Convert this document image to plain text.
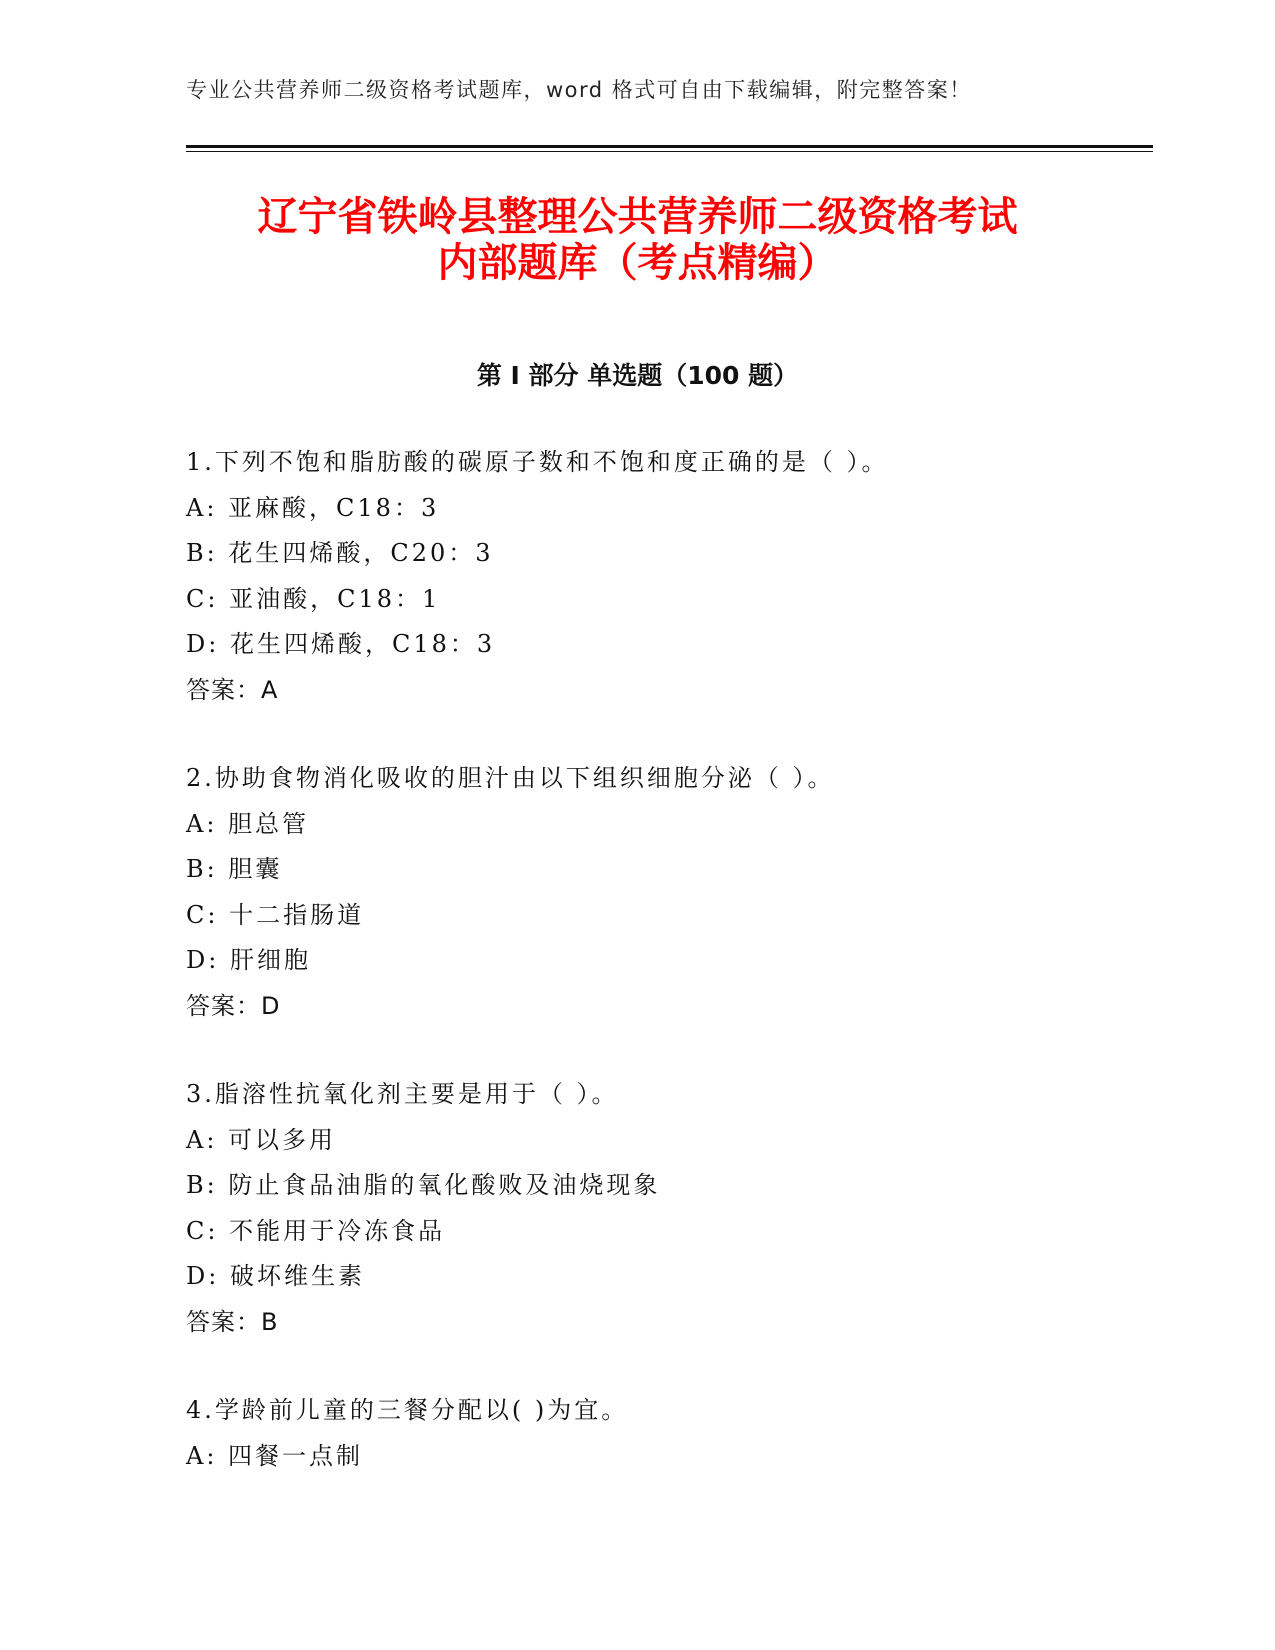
专业公共营养师二级资格考试题库，word 格式可自由下载编辑，附完整答案！
辽宁省铁岭县整理公共营养师二级资格考试
内部题库（考点精编）
第 I 部分 单选题（100 题）
1.下列不饱和脂肪酸的碳原子数和不饱和度正确的是（ ）。
A: 亚麻酸，C18：3
B: 花生四烯酸，C20：3
C: 亚油酸，C18：1
D: 花生四烯酸，C18：3
答案：A
2.协助食物消化吸收的胆汁由以下组织细胞分泌（ ）。
A: 胆总管
B: 胆囊
C: 十二指肠道
D: 肝细胞
答案：D
3.脂溶性抗氧化剂主要是用于（ ）。
A: 可以多用
B: 防止食品油脂的氧化酸败及油烧现象
C: 不能用于冷冻食品
D: 破坏维生素
答案：B
4.学龄前儿童的三餐分配以( )为宜。
A: 四餐一点制
